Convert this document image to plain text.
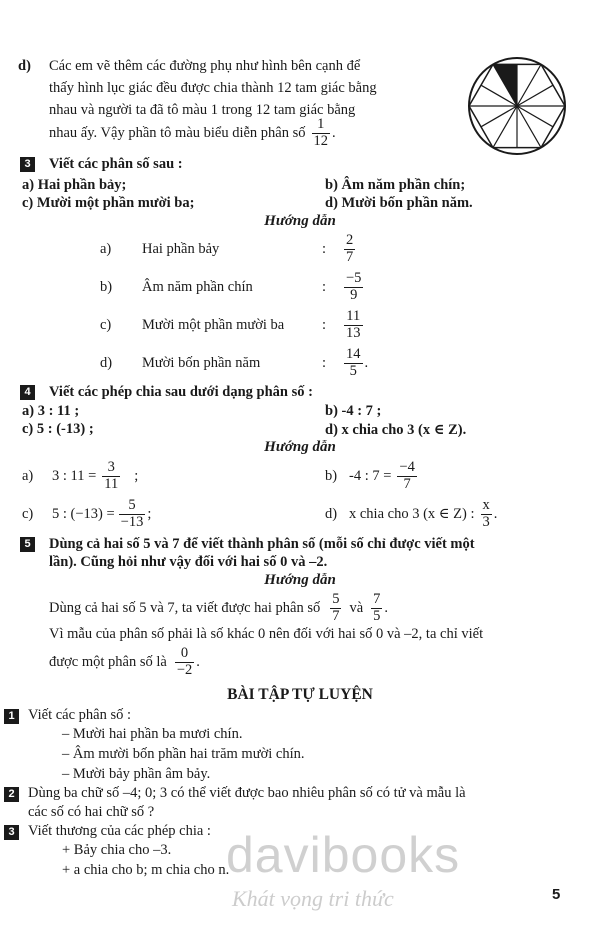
d) Các em vẽ thêm các đường phụ như hình bên cạnh để
thấy hình lục giác đều được chia thành 12 tam giác bằng
nhau và người ta đã tô màu 1 trong 12 tam giác bằng
nhau ấy. Vậy phần tô màu biểu diễn phân số $\frac{1}{12}$ .
3	Viết các phân số sau :
a) Hai phần bảy;	b) Âm năm phần chín;
c) Mười một phần mười ba;	d) Mười bốn phần năm.
Hướng dẫn
a)	Hai phần bảy	:	$\frac{2}{7}$
b)	Âm năm phần chín	:	$\frac{-5}{9}$
c)	Mười một phần mười ba	:	$\frac{11}{13}$
d)	Mười bốn phần năm	:	$\frac{14}{5}$ .
4	Viết các phép chia sau dưới dạng phân số :
a) 3 : 11 ;	b) -4 : 7 ;
c) 5 : (-13) ;	d) x chia cho 3 (x ∈ Z).
Hướng dẫn
a)	3 : $11 = \frac{3}{11}$ ;	b) -4 : $7 = \frac{-4}{7}$
c)	5 : $(-13) = \frac{5}{-13}$ ;	d) x chia cho 3 (x ∈ Z) : $\frac{x}{3}$ .
5	Dùng cả hai số 5 và 7 để viết thành phân số (mỗi số chỉ được viết một
lần). Cũng hỏi như vậy đối với hai số 0 và –2.
Hướng dẫn
Dùng cả hai số 5 và 7, ta viết được hai phân số $\frac{5}{7}$ và $\frac{7}{5}$ .
Vì mẫu của phân số phải là số khác 0 nên đối với hai số 0 và –2, ta chỉ viết
được một phân số là $\frac{0}{-2}$ .
BÀI TẬP TỰ LUYỆN
1 Viết các phân số :
– Mười hai phần ba mươi chín.
– Âm mười bốn phần hai trăm mười chín.
– Mười bảy phần âm bảy.
2 Dùng ba chữ số –4; 0; 3 có thể viết được bao nhiêu phân số có tử và mẫu là
các số có hai chữ số ?
3 Viết thương của các phép chia :
+ Bảy chia cho –3.
+ a chia cho b; m chia cho n.
davibooks
Khát vọng tri thức	5
